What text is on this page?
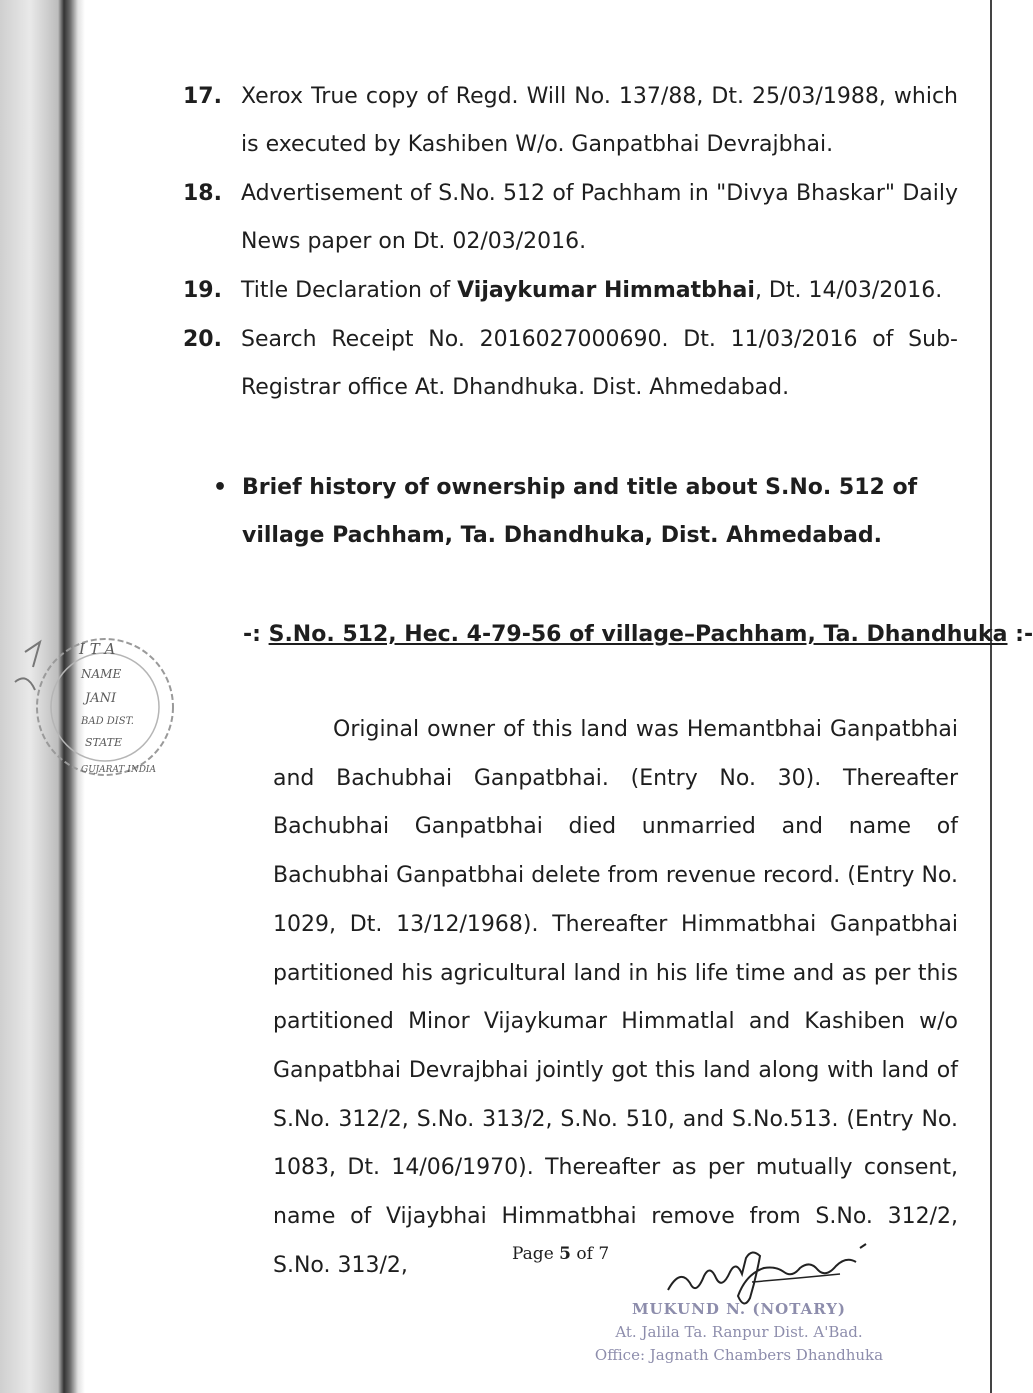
I T A
NAME
JANI
BAD DIST.
STATE
GUJARAT INDIA
17. Xerox True copy of Regd. Will No. 137/88, Dt. 25/03/1988, which is executed by Kashiben W/o. Ganpatbhai Devrajbhai.
18. Advertisement of S.No. 512 of Pachham in "Divya Bhaskar" Daily News paper on Dt. 02/03/2016.
19. Title Declaration of Vijaykumar Himmatbhai, Dt. 14/03/2016.
20. Search Receipt No. 2016027000690. Dt. 11/03/2016 of Sub-Registrar office At. Dhandhuka. Dist. Ahmedabad.
• Brief history of ownership and title about S.No. 512 of village Pachham, Ta. Dhandhuka, Dist. Ahmedabad.
-: S.No. 512, Hec. 4-79-56 of village–Pachham, Ta. Dhandhuka :-
Original owner of this land was Hemantbhai Ganpatbhai and Bachubhai Ganpatbhai. (Entry No. 30). Thereafter Bachubhai Ganpatbhai died unmarried and name of Bachubhai Ganpatbhai delete from revenue record. (Entry No. 1029, Dt. 13/12/1968). Thereafter Himmatbhai Ganpatbhai partitioned his agricultural land in his life time and as per this partitioned Minor Vijaykumar Himmatlal and Kashiben w/o Ganpatbhai Devrajbhai jointly got this land along with land of S.No. 312/2, S.No. 313/2, S.No. 510, and S.No.513. (Entry No. 1083, Dt. 14/06/1970). Thereafter as per mutually consent, name of Vijaybhai Himmatbhai remove from S.No. 312/2, S.No. 313/2,	Page 5 of 7
MUKUND N. (NOTARY)
At. Jalila Ta. Ranpur Dist. A'Bad.
Office: Jagnath Chambers Dhandhuka
